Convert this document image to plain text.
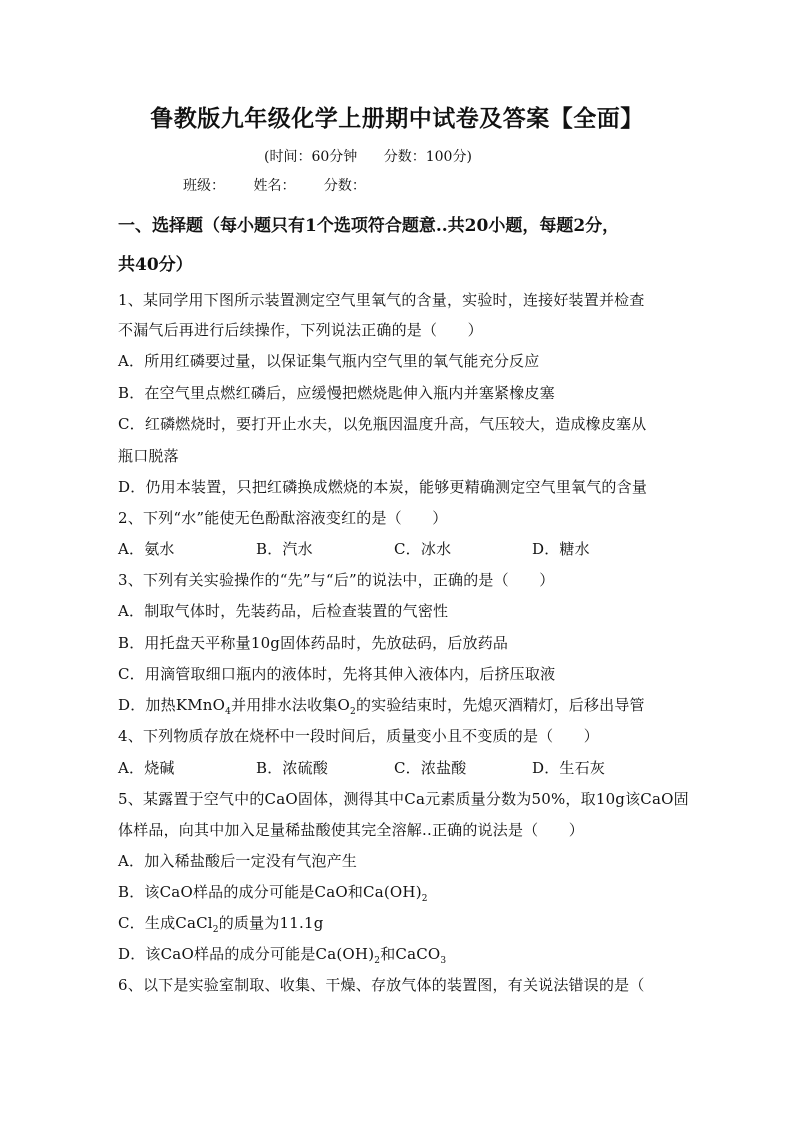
鲁教版九年级化学上册期中试卷及答案【全面】
(时间：60分钟 分数：100分)
班级： 姓名： 分数：
一、选择题（每小题只有1个选项符合题意..共20小题，每题2分，
共40分）
1、某同学用下图所示装置测定空气里氧气的含量，实验时，连接好装置并检查
不漏气后再进行后续操作，下列说法正确的是（　　）
A．所用红磷要过量，以保证集气瓶内空气里的氧气能充分反应
B．在空气里点燃红磷后，应缓慢把燃烧匙伸入瓶内并塞紧橡皮塞
C．红磷燃烧时，要打开止水夫，以免瓶因温度升高，气压较大，造成橡皮塞从
瓶口脱落
D．仍用本装置，只把红磷换成燃烧的本炭，能够更精确测定空气里氧气的含量
2、下列“水”能使无色酚酞溶液变红的是（　　）
A．氨水	B．汽水	C．冰水	D．糖水
3、下列有关实验操作的“先”与“后”的说法中，正确的是（　　）
A．制取气体时，先装药品，后检查装置的气密性
B．用托盘天平称量10g固体药品时，先放砝码，后放药品
C．用滴管取细口瓶内的液体时，先将其伸入液体内，后挤压取液
D．加热KMnO$_4$并用排水法收集$O_2$的实验结束时，先熄灭酒精灯，后移出导管
4、下列物质存放在烧杯中一段时间后，质量变小且不变质的是（　　）
A．烧碱	B．浓硫酸	C．浓盐酸	D．生石灰
5、某露置于空气中的CaO固体，测得其中Ca元素质量分数为50%，取10g该CaO固
体样品，向其中加入足量稀盐酸使其完全溶解..正确的说法是（　　）
A．加入稀盐酸后一定没有气泡产生
B．该CaO样品的成分可能是CaO和$Ca(OH)_2$
C．生成CaCl$_2$的质量为11.1g
D．该CaO样品的成分可能是$Ca(OH)_2$和CaCO$_3$
6、以下是实验室制取、收集、干燥、存放气体的装置图，有关说法错误的是（
